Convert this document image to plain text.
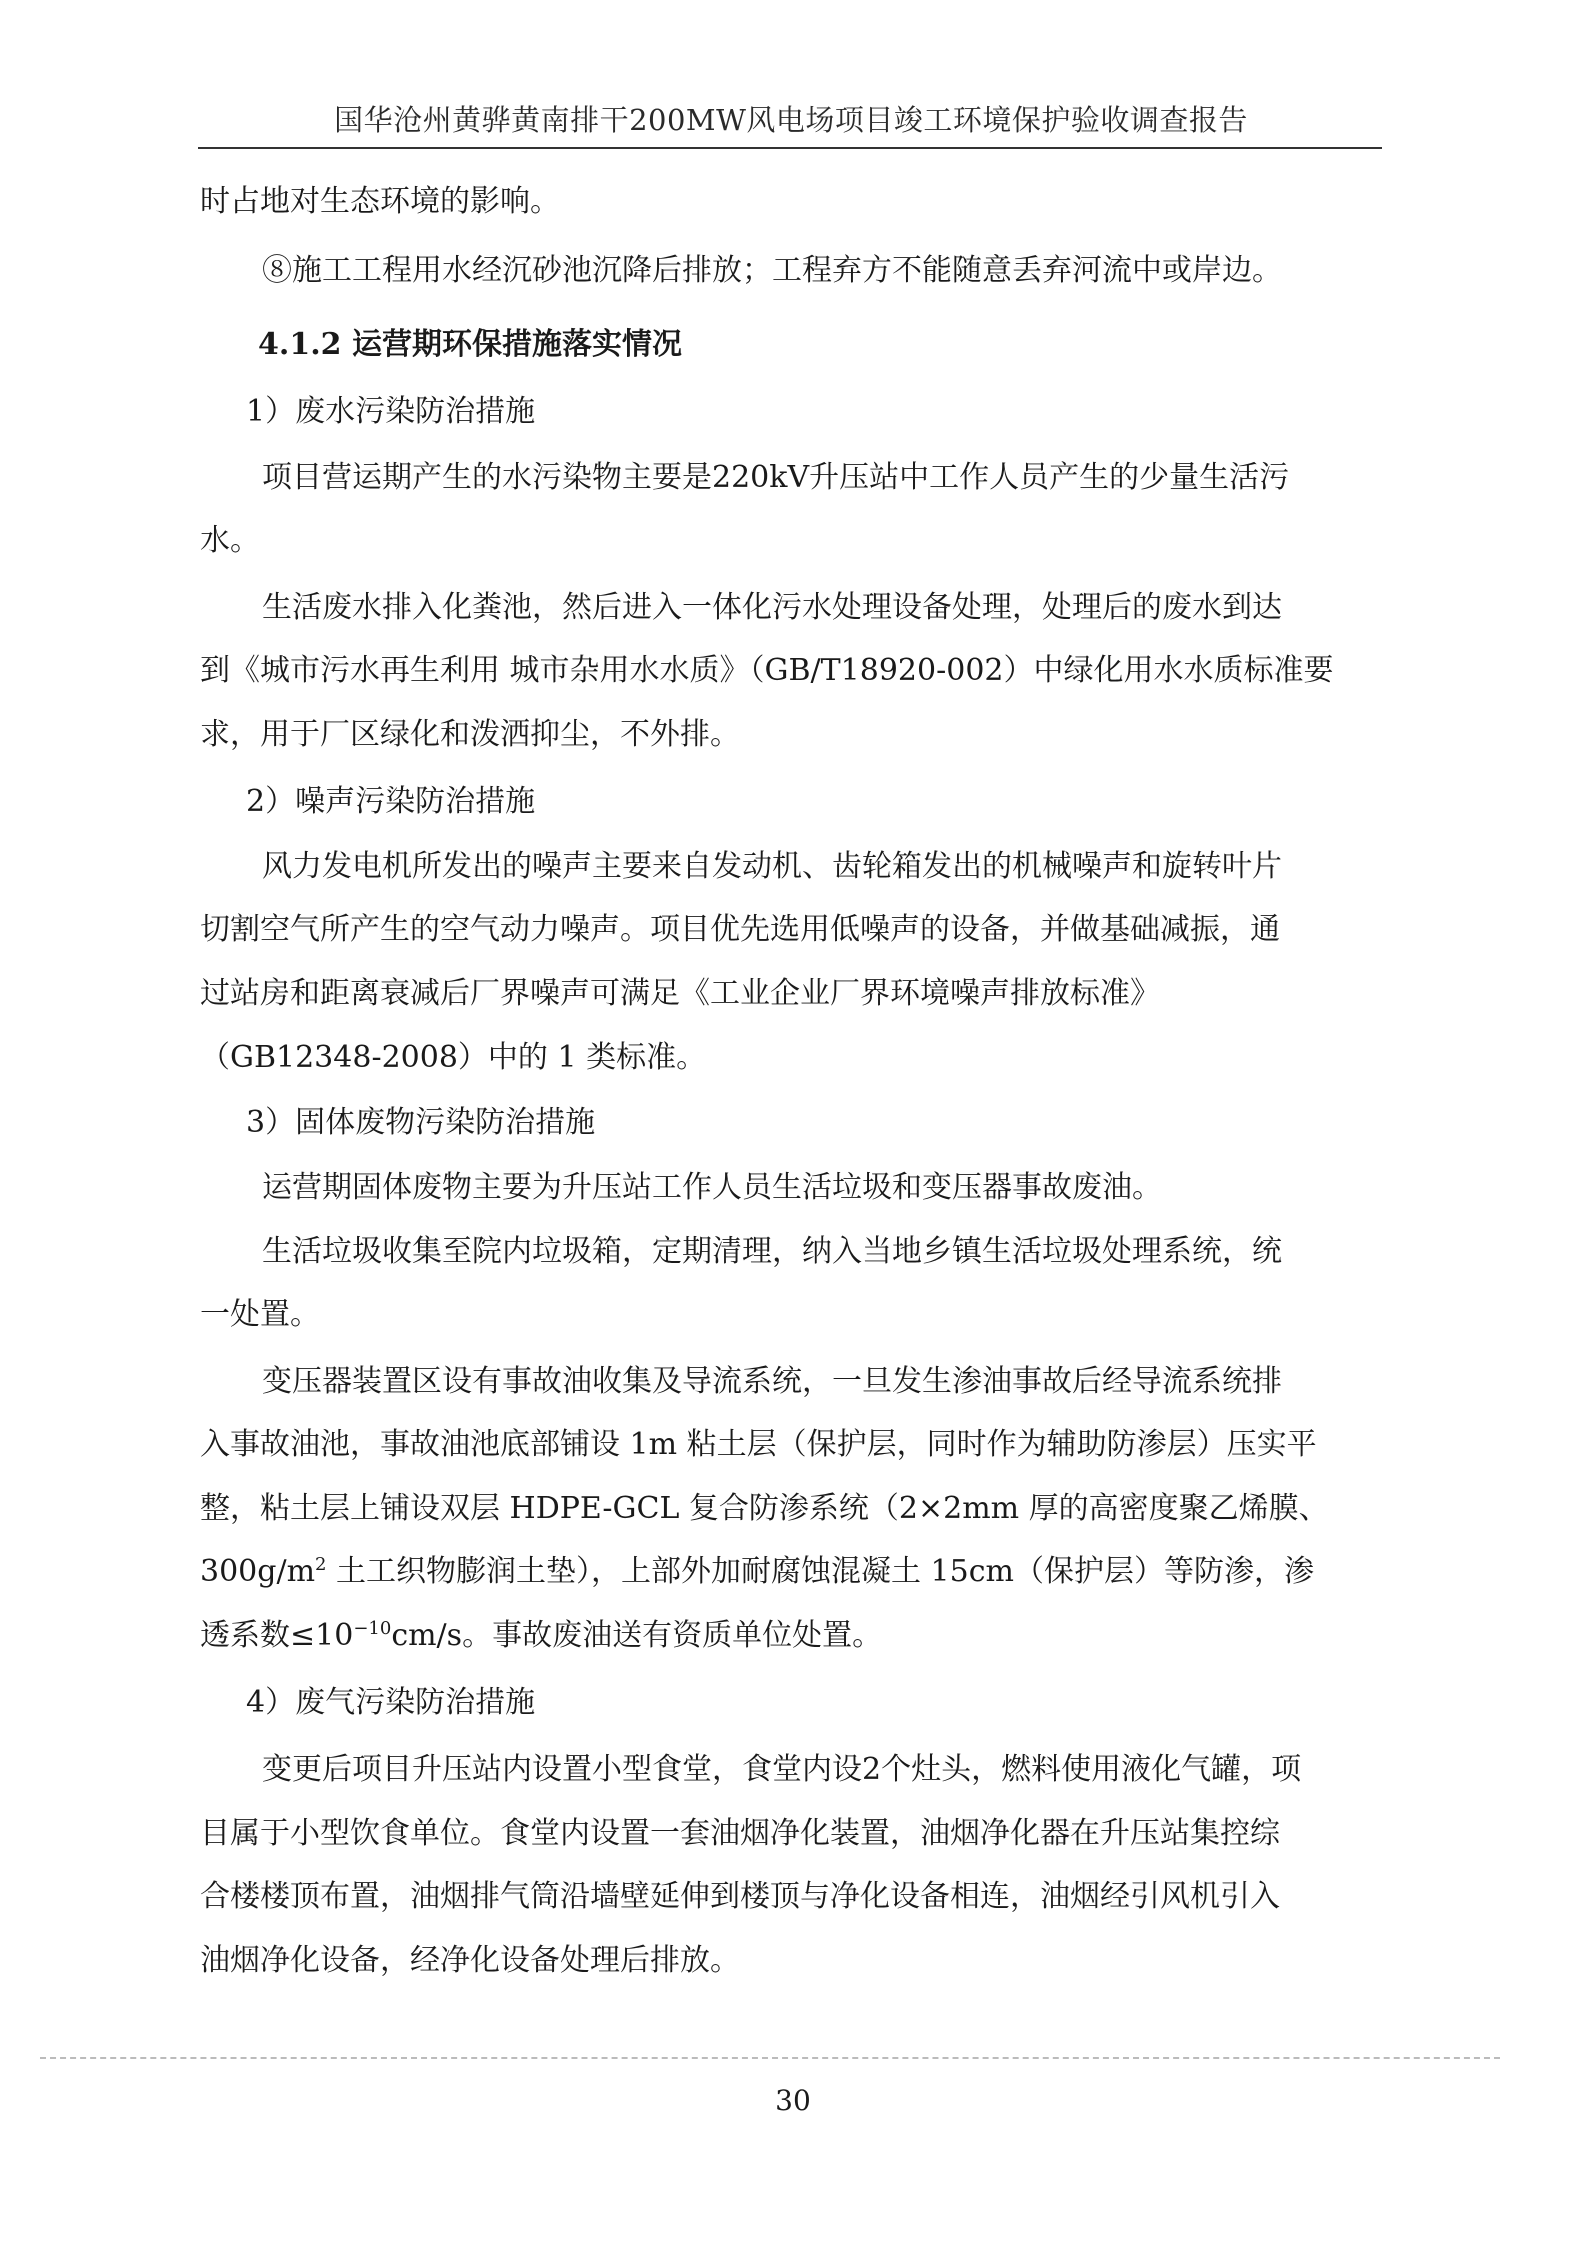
国华沧州黄骅黄南排干200MW风电场项目竣工环境保护验收调查报告
时占地对生态环境的影响。
⑧施工工程用水经沉砂池沉降后排放；工程弃方不能随意丢弃河流中或岸边。
4.1.2 运营期环保措施落实情况
1）废水污染防治措施
项目营运期产生的水污染物主要是220kV升压站中工作人员产生的少量生活污
水。
生活废水排入化粪池，然后进入一体化污水处理设备处理，处理后的废水到达
到《城市污水再生利用 城市杂用水水质》（GB/T18920-002）中绿化用水水质标准要
求，用于厂区绿化和泼洒抑尘，不外排。
2）噪声污染防治措施
风力发电机所发出的噪声主要来自发动机、齿轮箱发出的机械噪声和旋转叶片
切割空气所产生的空气动力噪声。项目优先选用低噪声的设备，并做基础减振，通
过站房和距离衰减后厂界噪声可满足《工业企业厂界环境噪声排放标准》
（GB12348-2008）中的 1 类标准。
3）固体废物污染防治措施
运营期固体废物主要为升压站工作人员生活垃圾和变压器事故废油。
生活垃圾收集至院内垃圾箱，定期清理，纳入当地乡镇生活垃圾处理系统，统
一处置。
变压器装置区设有事故油收集及导流系统，一旦发生渗油事故后经导流系统排
入事故油池，事故油池底部铺设 1m 粘土层（保护层，同时作为辅助防渗层）压实平
整，粘土层上铺设双层 HDPE-GCL 复合防渗系统（2×2mm 厚的高密度聚乙烯膜、
$300g/m^2$ 土工织物膨润土垫），上部外加耐腐蚀混凝土 15cm（保护层）等防渗，渗
透系数$\le 10^{-10}cm/s$。事故废油送有资质单位处置。
4）废气污染防治措施
变更后项目升压站内设置小型食堂，食堂内设2个灶头，燃料使用液化气罐，项
目属于小型饮食单位。食堂内设置一套油烟净化装置，油烟净化器在升压站集控综
合楼楼顶布置，油烟排气筒沿墙壁延伸到楼顶与净化设备相连，油烟经引风机引入
油烟净化设备，经净化设备处理后排放。
30
